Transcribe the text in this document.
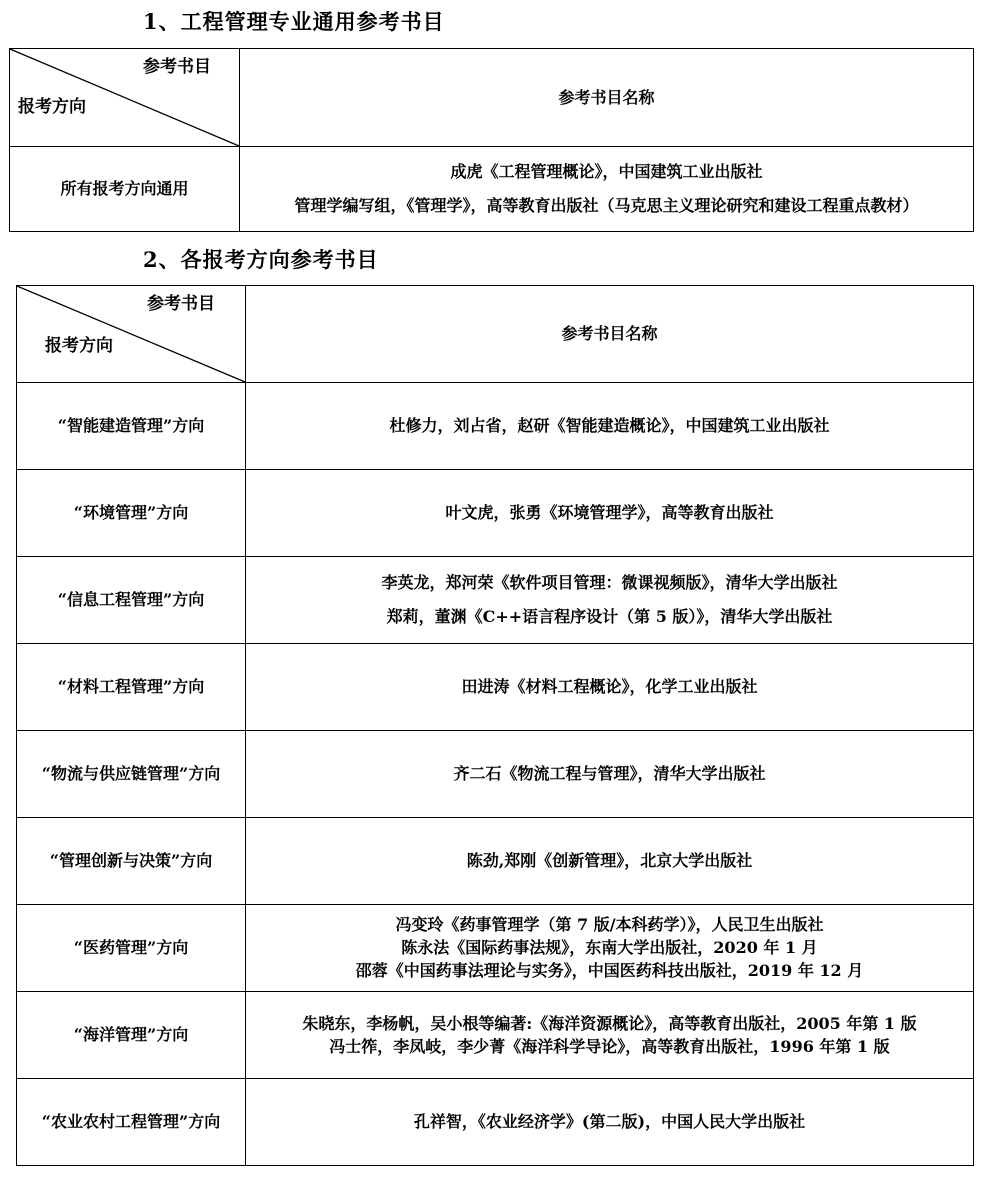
1、工程管理专业通用参考书目
参考书目
报考方向	参考书目名称
所有报考方向通用	成虎《工程管理概论》，中国建筑工业出版社
管理学编写组，《管理学》，高等教育出版社（马克思主义理论研究和建设工程重点教材）
2、各报考方向参考书目
参考书目
报考方向	参考书目名称
“智能建造管理”方向	杜修力，刘占省，赵研《智能建造概论》，中国建筑工业出版社

“环境管理”方向	叶文虎，张勇《环境管理学》，高等教育出版社

“信息工程管理”方向	李英龙，郑河荣《软件项目管理：微课视频版》，清华大学出版社
郑莉，董渊《C++语言程序设计（第 5 版）》，清华大学出版社

“材料工程管理”方向	田进涛《材料工程概论》，化学工业出版社

“物流与供应链管理”方向	齐二石《物流工程与管理》，清华大学出版社

“管理创新与决策”方向	陈劲,郑刚《创新管理》，北京大学出版社

“医药管理”方向	冯变玲《药事管理学（第 7 版/本科药学）》，人民卫生出版社
陈永法《国际药事法规》，东南大学出版社，2020 年 1 月
邵蓉《中国药事法理论与实务》，中国医药科技出版社，2019 年 12 月

“海洋管理”方向	朱晓东，李杨帆，吴小根等编著:《海洋资源概论》，高等教育出版社，2005 年第 1 版
冯士筰，李凤岐，李少菁《海洋科学导论》，高等教育出版社，1996 年第 1 版

“农业农村工程管理”方向	孔祥智，《农业经济学》(第二版)，中国人民大学出版社
